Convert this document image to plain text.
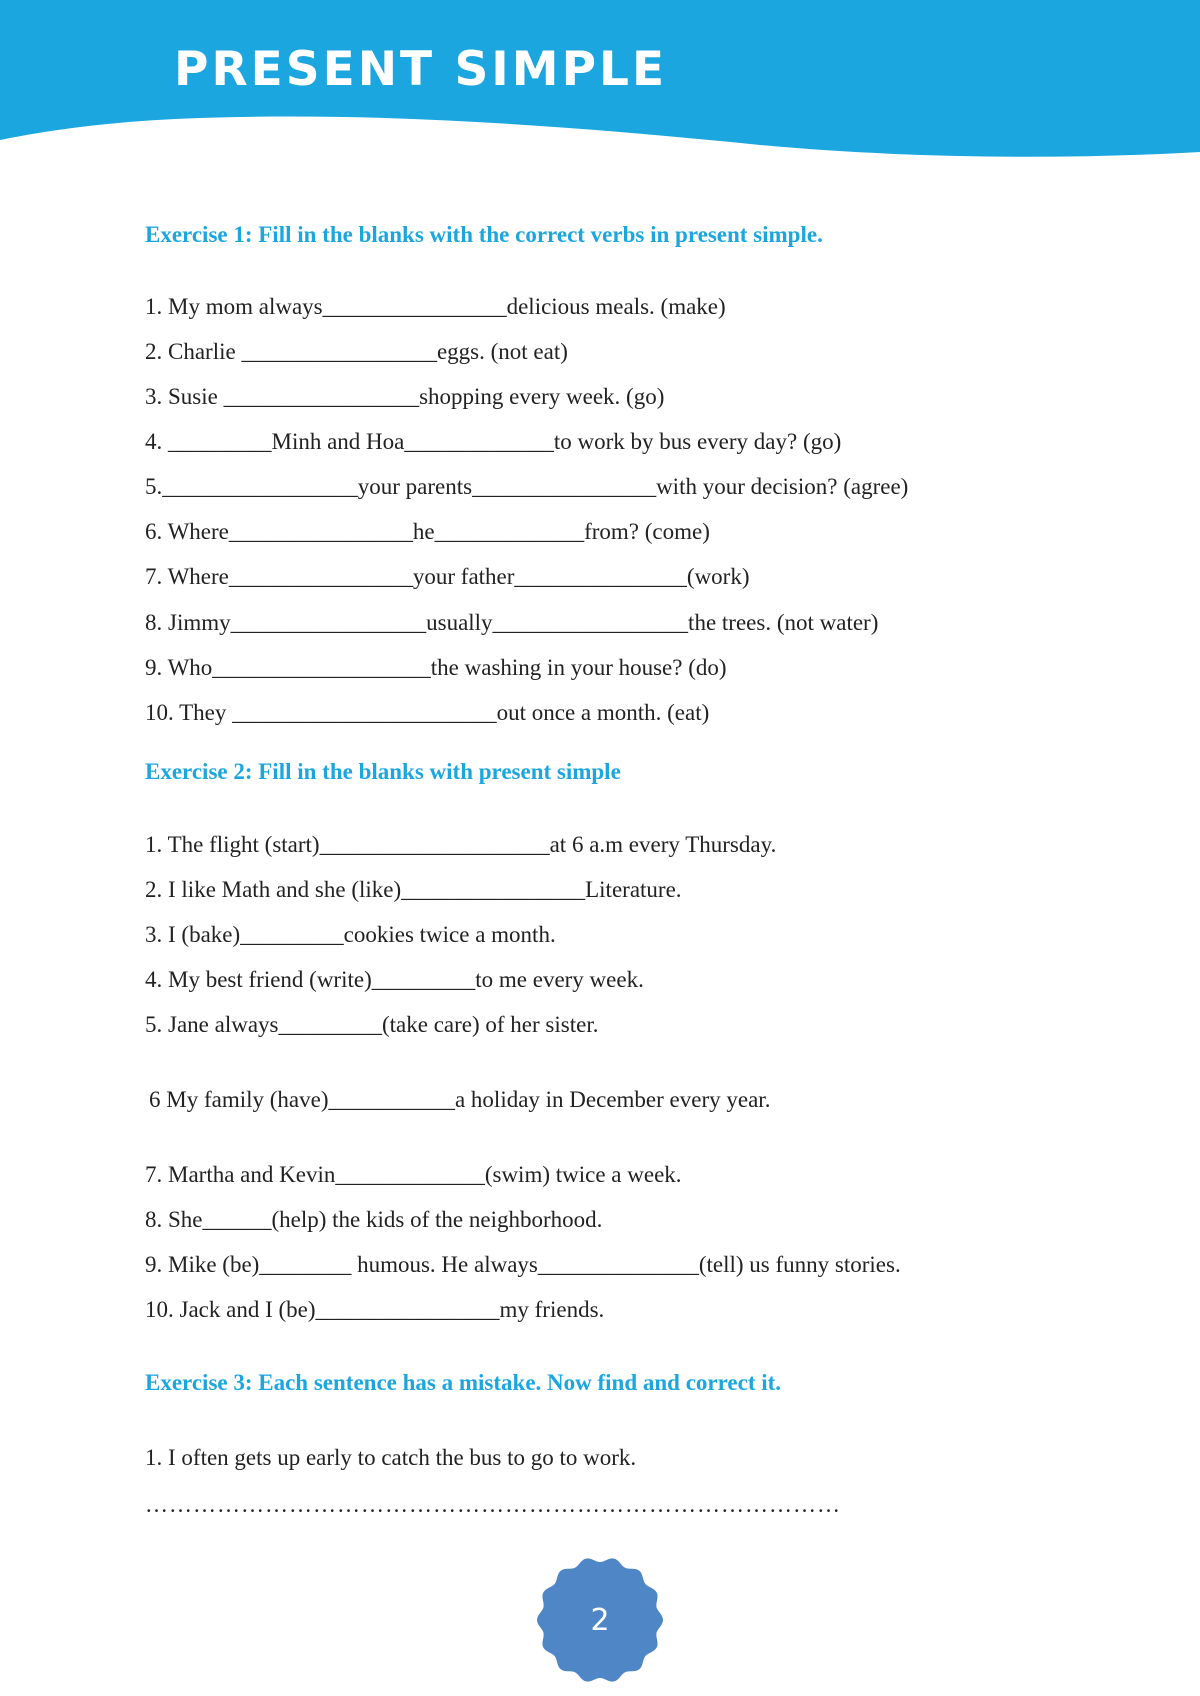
PRESENT SIMPLE
Exercise 1: Fill in the blanks with the correct verbs in present simple.
1. My mom always________________delicious meals. (make)
2. Charlie _________________eggs. (not eat)
3. Susie _________________shopping every week. (go)
4. _________Minh and Hoa_____________to work by bus every day? (go)
5._________________your parents________________with your decision? (agree)
6. Where________________he_____________from? (come)
7. Where________________your father_______________(work)
8. Jimmy_________________usually_________________the trees. (not water)
9. Who___________________the washing in your house? (do)
10. They _______________________out once a month. (eat)
Exercise 2: Fill in the blanks with present simple
1. The flight (start)____________________at 6 a.m every Thursday.
2. I like Math and she (like)________________Literature.
3. I (bake)_________cookies twice a month.
4. My best friend (write)_________to me every week.
5. Jane always_________(take care) of her sister.
6 My family (have)___________a holiday in December every year.
7. Martha and Kevin_____________(swim) twice a week.
8. She______(help) the kids of the neighborhood.
9. Mike (be)________ humous. He always______________(tell) us funny stories.
10. Jack and I (be)________________my friends.
Exercise 3: Each sentence has a mistake. Now find and correct it.
1. I often gets up early to catch the bus to go to work.
……………………………………………………………………………
2
